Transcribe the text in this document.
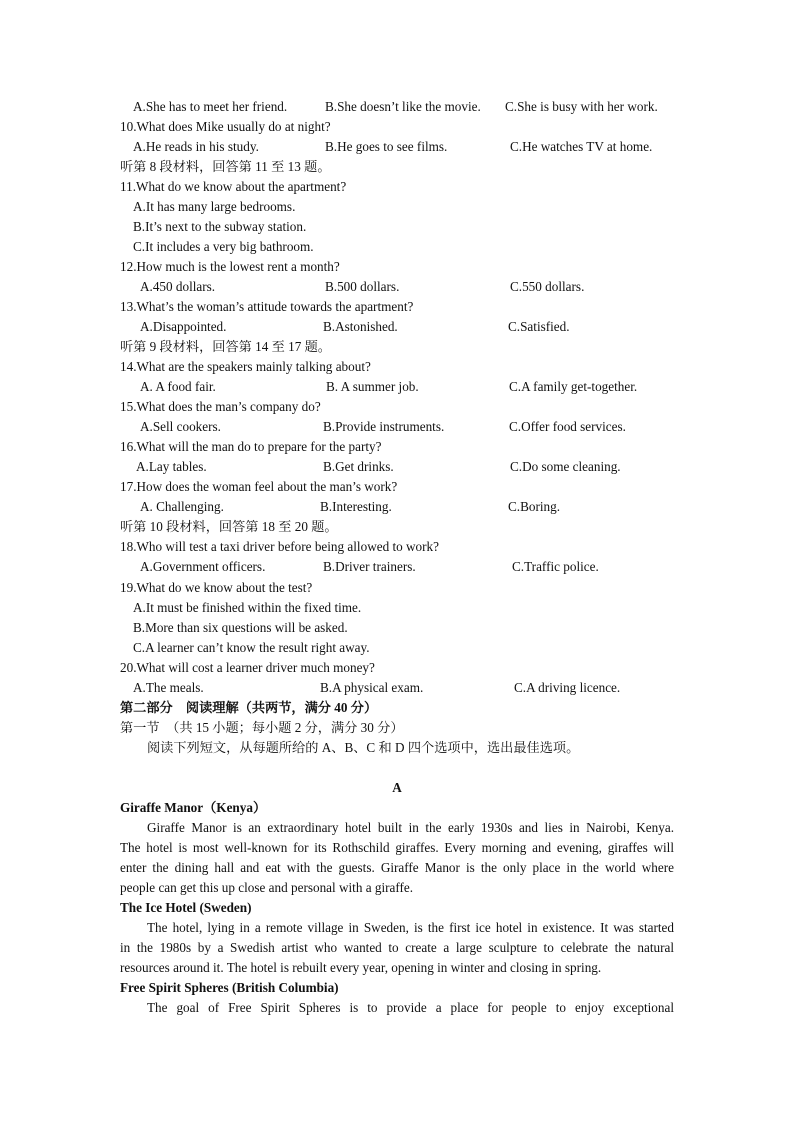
A.She has to meet her friend.	B.She doesn’t like the movie. C.She is busy with her work.
10.What does Mike usually do at night?
A.He reads in his study.	B.He goes to see films.	C.He watches TV at home.
听第 8 段材料，回答第 11 至 13 题。
11.What do we know about the apartment?
A.It has many large bedrooms.
B.It’s next to the subway station.
C.It includes a very big bathroom.
12.How much is the lowest rent a month?
A.450 dollars.	B.500 dollars.	C.550 dollars.
13.What’s the woman’s attitude towards the apartment?
A.Disappointed.	B.Astonished.	C.Satisfied.
听第 9 段材料，回答第 14 至 17 题。
14.What are the speakers mainly talking about?
A. A food fair.	B. A summer job.	C.A family get-together.
15.What does the man’s company do?
A.Sell cookers.	B.Provide instruments.	C.Offer food services.
16.What will the man do to prepare for the party?
A.Lay tables.	B.Get drinks.	C.Do some cleaning.
17.How does the woman feel about the man’s work?
A. Challenging.	B.Interesting.	C.Boring.
听第 10 段材料，回答第 18 至 20 题。
18.Who will test a taxi driver before being allowed to work?
A.Government officers.	B.Driver trainers.	C.Traffic police.
19.What do we know about the test?
A.It must be finished within the fixed time.
B.More than six questions will be asked.
C.A learner can’t know the result right away.
20.What will cost a learner driver much money?
A.The meals.	B.A physical exam.	C.A driving licence.
第二部分　阅读理解（共两节，满分 40 分）
第一节　（共 15 小题；每小题 2 分，满分 30 分）
阅读下列短文，从每题所给的 A、B、C 和 D 四个选项中，选出最佳选项。
A
Giraffe Manor（Kenya）
Giraffe Manor is an extraordinary hotel built in the early 1930s and lies in Nairobi, Kenya.
The hotel is most well-known for its Rothschild giraffes. Every morning and evening, giraffes will
enter the dining hall and eat with the guests. Giraffe Manor is the only place in the world where
people can get this up close and personal with a giraffe.
The Ice Hotel (Sweden)
The hotel, lying in a remote village in Sweden, is the first ice hotel in existence. It was started
in the 1980s by a Swedish artist who wanted to create a large sculpture to celebrate the natural
resources around it. The hotel is rebuilt every year, opening in winter and closing in spring.
Free Spirit Spheres (British Columbia)
The goal of Free Spirit Spheres is to provide a place for people to enjoy exceptional
